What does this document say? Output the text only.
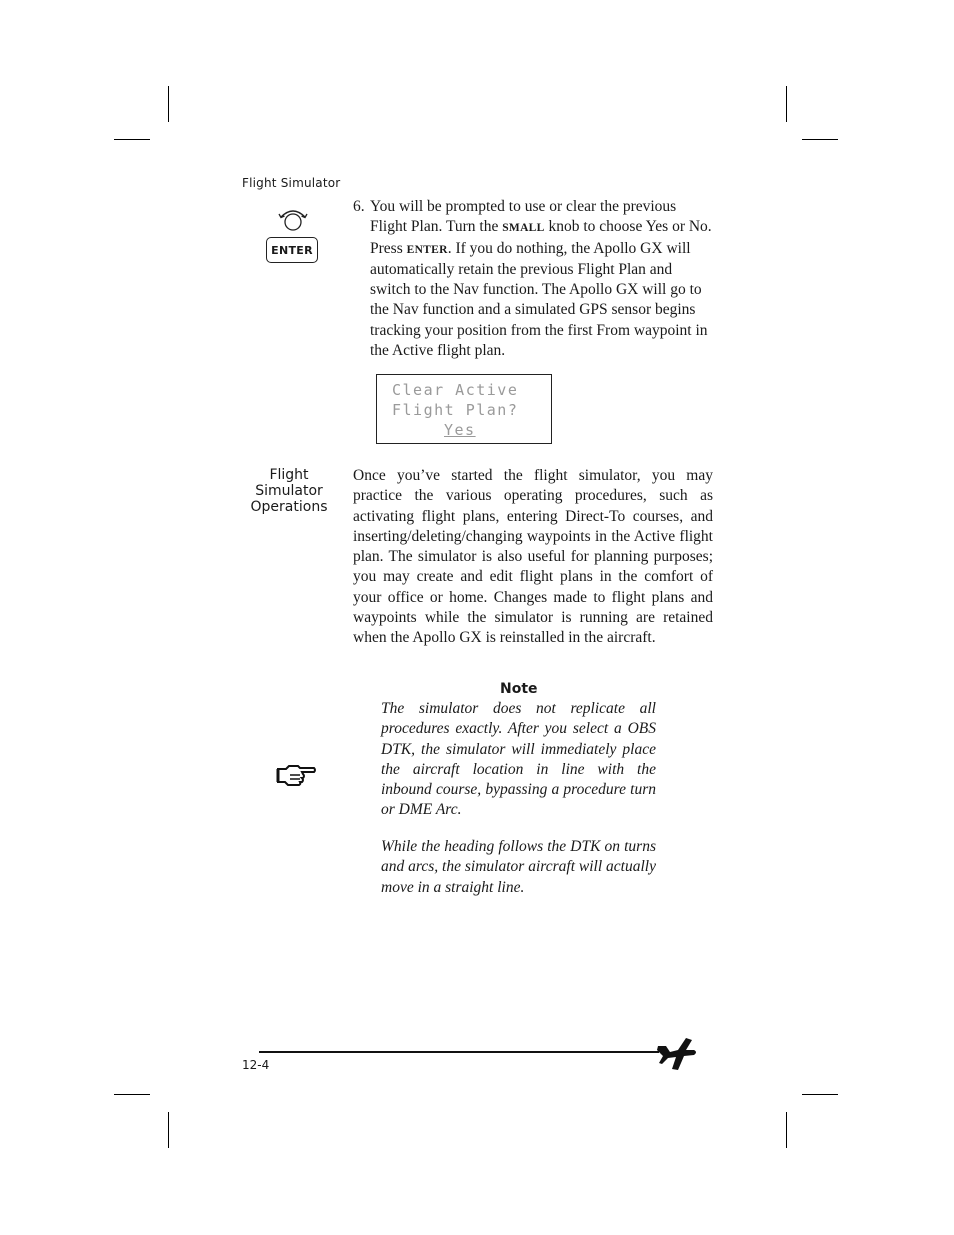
Flight Simulator
ENTER
6. You will be prompted to use or clear the previous Flight Plan. Turn the SMALL knob to choose Yes or No. Press ENTER. If you do nothing, the Apollo GX will automatically retain the previous Flight Plan and switch to the Nav function. The Apollo GX will go to the Nav function and a simulated GPS sensor begins tracking your position from the first From waypoint in the Active flight plan.
Clear Active
Flight Plan?
Yes
Flight Simulator Operations
Once you’ve started the flight simulator, you may practice the various operating procedures, such as activating flight plans, entering Direct-To courses, and inserting/deleting/changing waypoints in the Active flight plan. The simulator is also useful for planning purposes; you may create and edit flight plans in the comfort of your office or home. Changes made to flight plans and waypoints while the simulator is running are retained when the Apollo GX is reinstalled in the aircraft.
Note
The simulator does not replicate all procedures exactly. After you select a OBS DTK, the simulator will immediately place the aircraft location in line with the inbound course, bypassing a procedure turn or DME Arc.
While the heading follows the DTK on turns and arcs, the simulator aircraft will actually move in a straight line.
12-4
